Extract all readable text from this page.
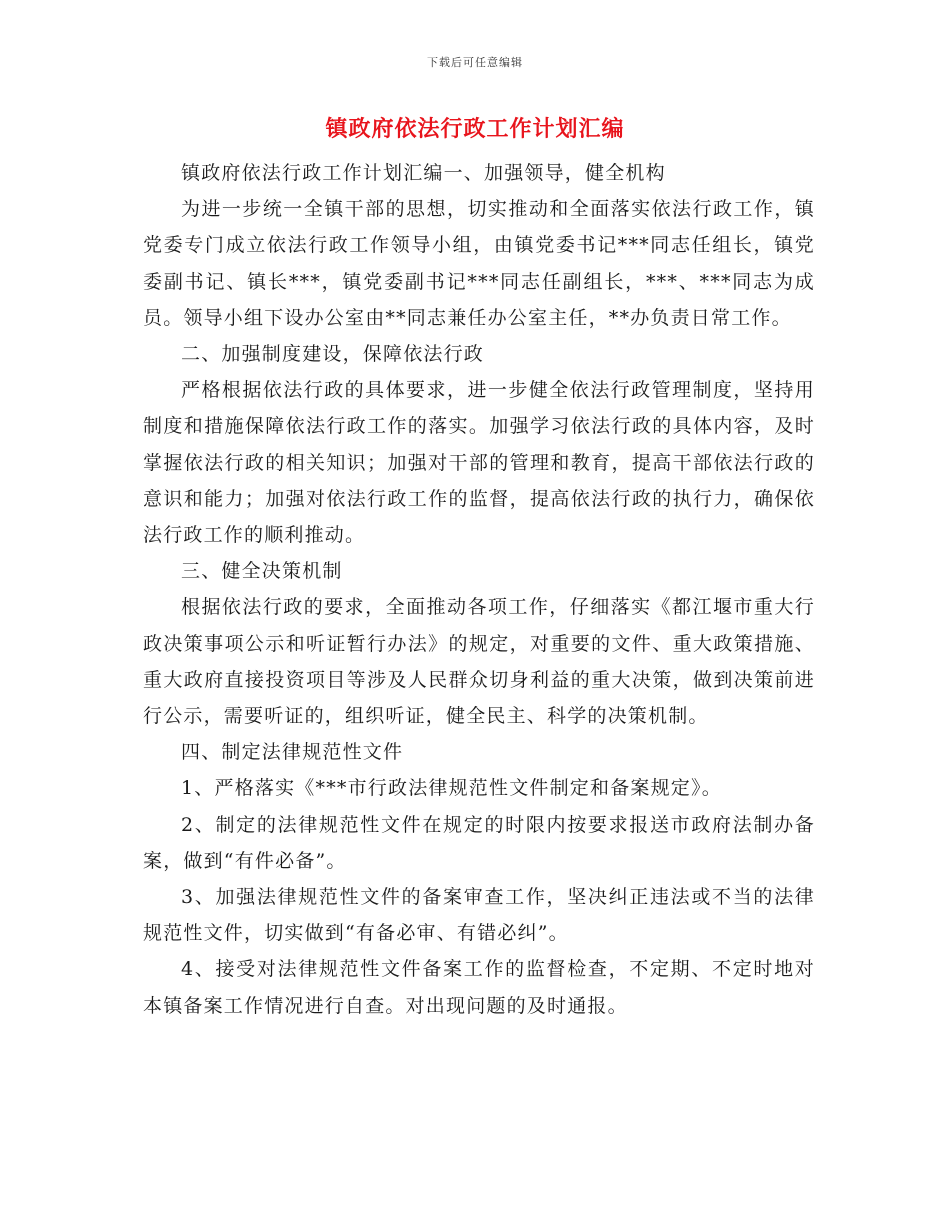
下载后可任意编辑
镇政府依法行政工作计划汇编

镇政府依法行政工作计划汇编一、加强领导，健全机构

为进一步统一全镇干部的思想，切实推动和全面落实依法行政工作，镇党委专门成立依法行政工作领导小组，由镇党委书记***同志任组长，镇党委副书记、镇长***，镇党委副书记***同志任副组长，***、***同志为成员。领导小组下设办公室由**同志兼任办公室主任，**办负责日常工作。

二、加强制度建设，保障依法行政

严格根据依法行政的具体要求，进一步健全依法行政管理制度，坚持用制度和措施保障依法行政工作的落实。加强学习依法行政的具体内容，及时掌握依法行政的相关知识；加强对干部的管理和教育，提高干部依法行政的意识和能力；加强对依法行政工作的监督，提高依法行政的执行力，确保依法行政工作的顺利推动。

三、健全决策机制

根据依法行政的要求，全面推动各项工作，仔细落实《都江堰市重大行政决策事项公示和听证暂行办法》的规定，对重要的文件、重大政策措施、重大政府直接投资项目等涉及人民群众切身利益的重大决策，做到决策前进行公示，需要听证的，组织听证，健全民主、科学的决策机制。

四、制定法律规范性文件

1、严格落实《***市行政法律规范性文件制定和备案规定》。

2、制定的法律规范性文件在规定的时限内按要求报送市政府法制办备案，做到“有件必备”。

3、加强法律规范性文件的备案审查工作，坚决纠正违法或不当的法律规范性文件，切实做到“有备必审、有错必纠”。

4、接受对法律规范性文件备案工作的监督检查，不定期、不定时地对本镇备案工作情况进行自查。对出现问题的及时通报。
